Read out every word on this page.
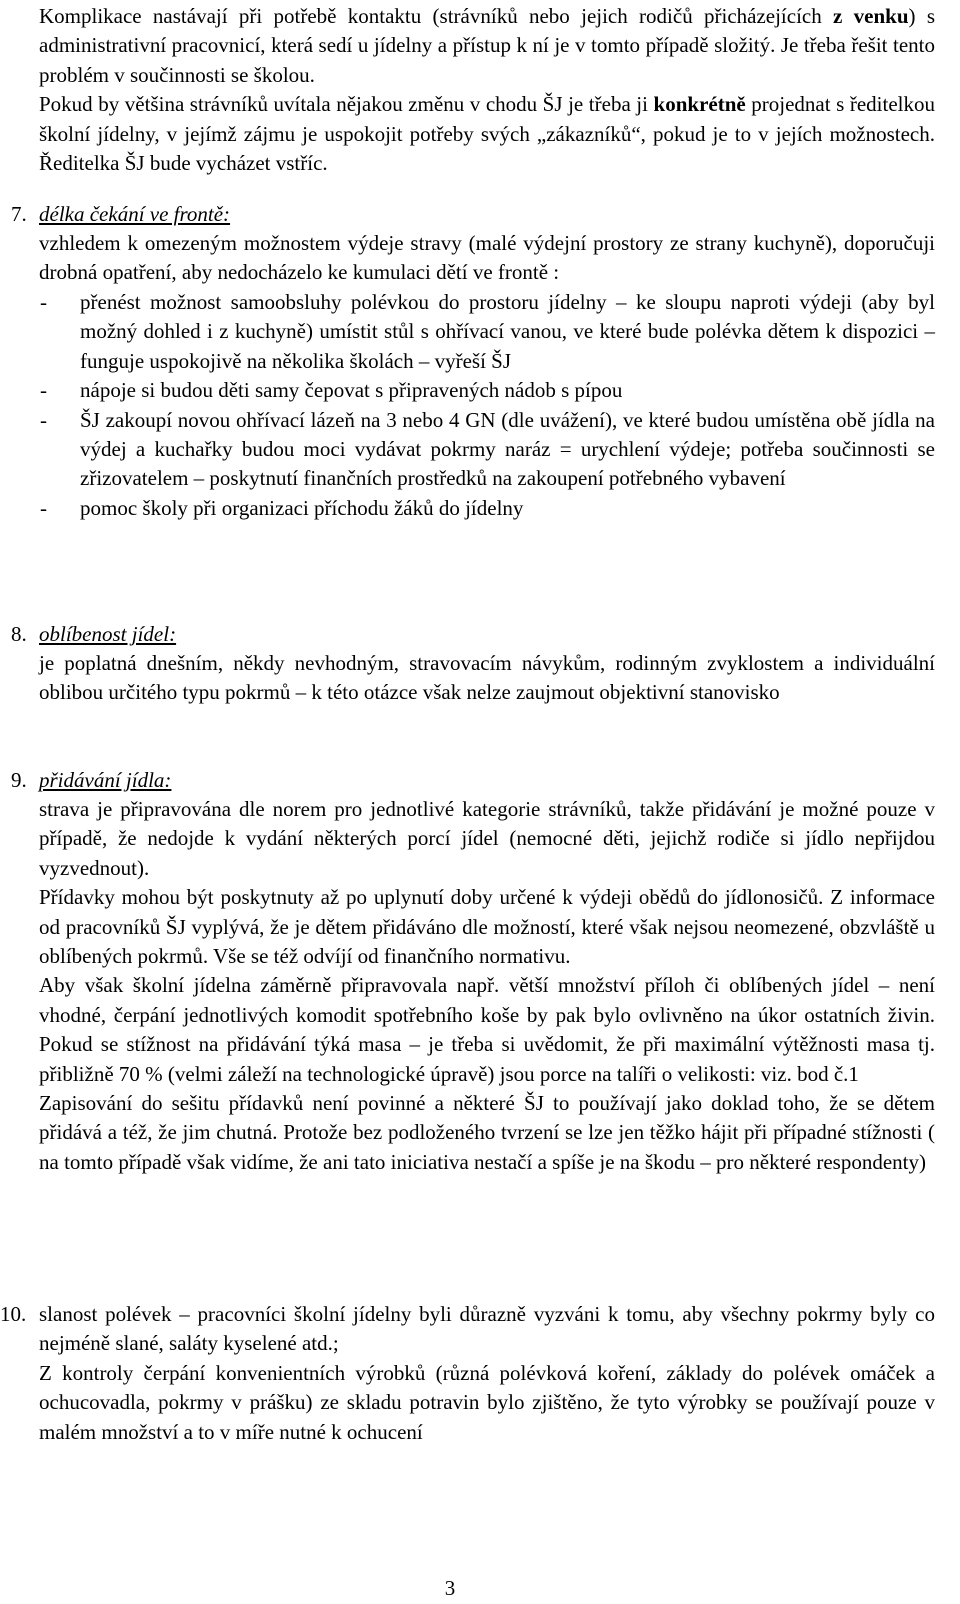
Komplikace nastávají při potřebě kontaktu (strávníků nebo jejich rodičů přicházejících z venku) s administrativní pracovnicí, která sedí u jídelny a přístup k ní je v tomto případě složitý. Je třeba řešit tento problém v součinnosti se školou.

Pokud by většina strávníků uvítala nějakou změnu v chodu ŠJ je třeba ji konkrétně projednat s ředitelkou školní jídelny, v jejímž zájmu je uspokojit potřeby svých „zákazníků“, pokud je to v jejích možnostech. Ředitelka ŠJ bude vycházet vstříc.

7. délka čekání ve frontě:

vzhledem k omezeným možnostem výdeje stravy (malé výdejní prostory ze strany kuchyně), doporučuji drobná opatření, aby nedocházelo ke kumulaci dětí ve frontě :

- přenést možnost samoobsluhy polévkou do prostoru jídelny – ke sloupu naproti výdeji (aby byl možný dohled i z kuchyně) umístit stůl s ohřívací vanou, ve které bude polévka dětem k dispozici – funguje uspokojivě na několika školách – vyřeší ŠJ
- nápoje si budou děti samy čepovat s připravených nádob s pípou
- ŠJ zakoupí novou ohřívací lázeň na 3 nebo 4 GN (dle uvážení), ve které budou umístěna obě jídla na výdej a kuchařky budou moci vydávat pokrmy naráz = urychlení výdeje; potřeba součinnosti se zřizovatelem – poskytnutí finančních prostředků na zakoupení potřebného vybavení
- pomoc školy při organizaci příchodu žáků do jídelny
8. oblíbenost jídel:

je poplatná dnešním, někdy nevhodným, stravovacím návykům, rodinným zvyklostem a individuální oblibou určitého typu pokrmů – k této otázce však nelze zaujmout objektivní stanovisko

9. přidávání jídla:

strava je připravována dle norem pro jednotlivé kategorie strávníků, takže přidávání je možné pouze v případě, že nedojde k vydání některých porcí jídel (nemocné děti, jejichž rodiče si jídlo nepřijdou vyzvednout).

Přídavky mohou být poskytnuty až po uplynutí doby určené k výdeji obědů do jídlonosičů. Z informace od pracovníků ŠJ vyplývá, že je dětem přidáváno dle možností, které však nejsou neomezené, obzvláště u oblíbených pokrmů. Vše se též odvíjí od finančního normativu.

Aby však školní jídelna záměrně připravovala např. větší množství příloh či oblíbených jídel – není vhodné, čerpání jednotlivých komodit spotřebního koše by pak bylo ovlivněno na úkor ostatních živin. Pokud se stížnost na přidávání týká masa – je třeba si uvědomit, že při maximální výtěžnosti masa tj. přibližně 70 % (velmi záleží na technologické úpravě) jsou porce na talíři o velikosti: viz. bod č.1

Zapisování do sešitu přídavků není povinné a některé ŠJ to používají jako doklad toho, že se dětem přidává a též, že jim chutná. Protože bez podloženého tvrzení se lze jen těžko hájit při případné stížnosti ( na tomto případě však vidíme, že ani tato iniciativa nestačí a spíše je na škodu – pro některé respondenty)

10. slanost polévek – pracovníci školní jídelny byli důrazně vyzváni k tomu, aby všechny pokrmy byly co nejméně slané, saláty kyselené atd.;

Z kontroly čerpání konvenientních výrobků (různá polévková koření, základy do polévek omáček a ochucovadla, pokrmy v prášku) ze skladu potravin bylo zjištěno, že tyto výrobky se používají pouze v malém množství a to v míře nutné k ochucení

3
